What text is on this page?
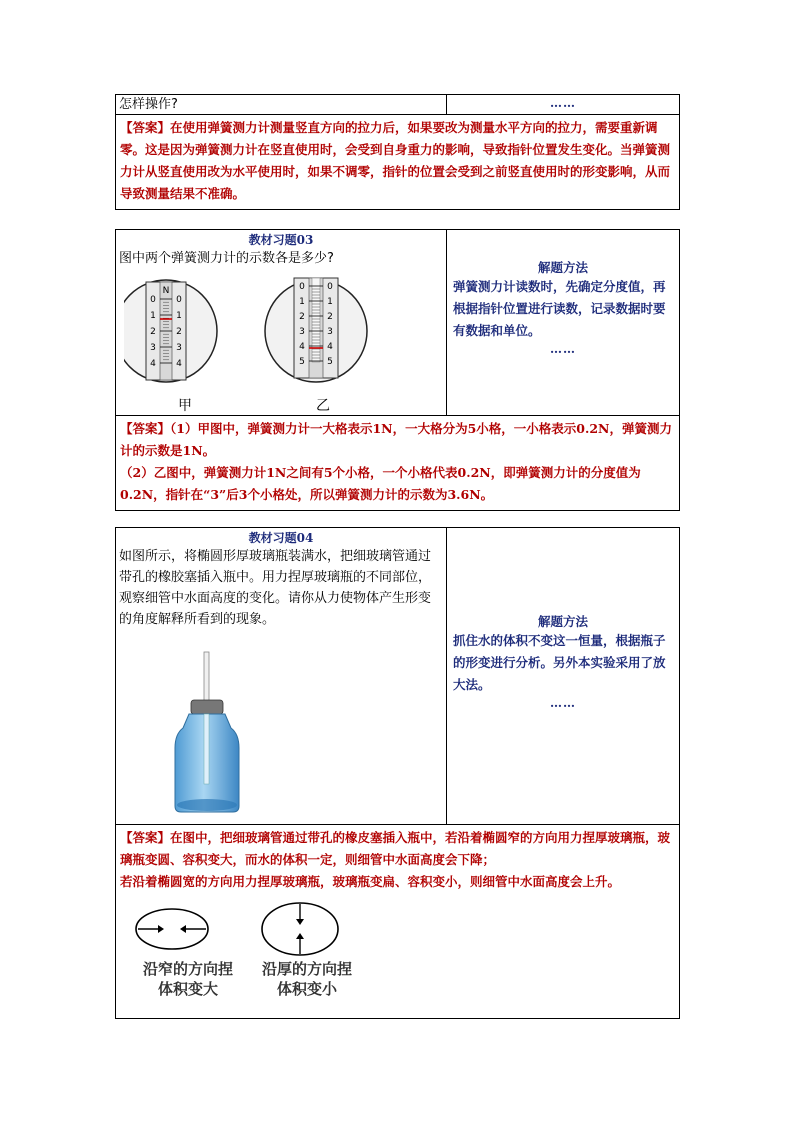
怎样操作?	……
【答案】在使用弹簧测力计测量竖直方向的拉力后，如果要改为测量水平方向的拉力，需要重新调零。这是因为弹簧测力计在竖直使用时，会受到自身重力的影响，导致指针位置发生变化。当弹簧测力计从竖直使用改为水平使用时，如果不调零，指针的位置会受到之前竖直使用时的形变影响，从而导致测量结果不准确。
教材习题03
图中两个弹簧测力计的示数各是多少?
N
0 0
1 1
2 2
3 3
4 4
0 0
1 1
2 2
3 3
4 4
5 5
甲	乙
解题方法
弹簧测力计读数时，先确定分度值，再根据指针位置进行读数，记录数据时要有数据和单位。
……
【答案】（1）甲图中，弹簧测力计一大格表示1N，一大格分为5小格，一小格表示0.2N，弹簧测力计的示数是1N。
（2）乙图中，弹簧测力计1N之间有5个小格，一个小格代表0.2N，即弹簧测力计的分度值为0.2N，指针在“3”后3个小格处，所以弹簧测力计的示数为3.6N。
教材习题04
如图所示，将椭圆形厚玻璃瓶装满水，把细玻璃管通过带孔的橡胶塞插入瓶中。用力捏厚玻璃瓶的不同部位，观察细管中水面高度的变化。请你从力使物体产生形变的角度解释所看到的现象。	解题方法
抓住水的体积不变这一恒量，根据瓶子的形变进行分析。另外本实验采用了放大法。
……
【答案】在图中，把细玻璃管通过带孔的橡皮塞插入瓶中，若沿着椭圆窄的方向用力捏厚玻璃瓶，玻璃瓶变圆、容积变大，而水的体积一定，则细管中水面高度会下降；
若沿着椭圆宽的方向用力捏厚玻璃瓶，玻璃瓶变扁、容积变小，则细管中水面高度会上升。
沿窄的方向捏
体积变大
沿厚的方向捏
体积变小
